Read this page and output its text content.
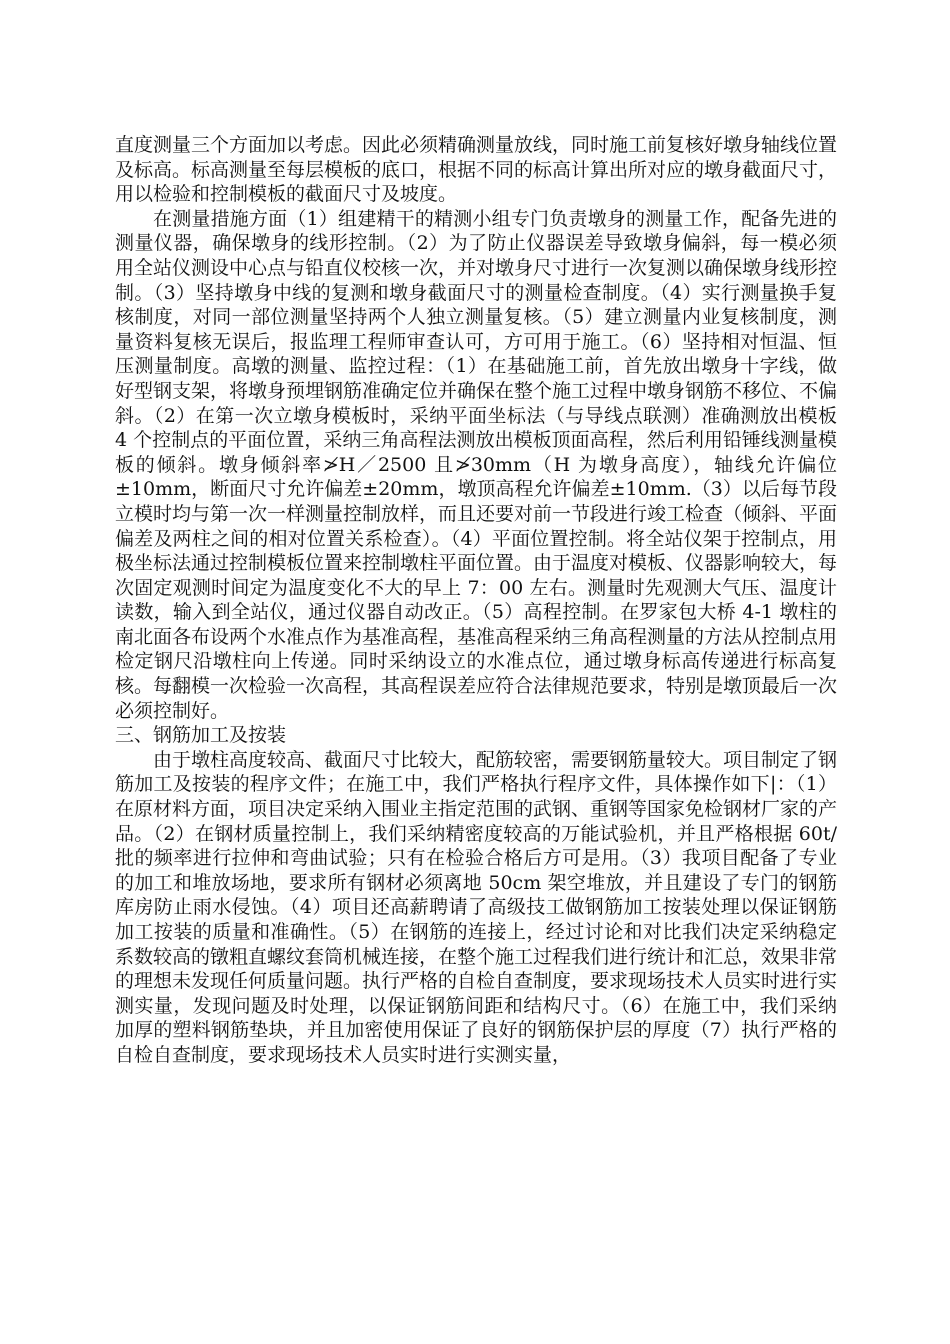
直度测量三个方面加以考虑。因此必须精确测量放线，同时施工前复核好墩身轴线位置及标高。标高测量至每层模板的底口，根据不同的标高计算出所对应的墩身截面尺寸，用以检验和控制模板的截面尺寸及坡度。

在测量措施方面（1）组建精干的精测小组专门负责墩身的测量工作，配备先进的测量仪器，确保墩身的线形控制。（2）为了防止仪器误差导致墩身偏斜，每一模必须用全站仪测设中心点与铅直仪校核一次，并对墩身尺寸进行一次复测以确保墩身线形控制。（3）坚持墩身中线的复测和墩身截面尺寸的测量检查制度。（4）实行测量换手复核制度，对同一部位测量坚持两个人独立测量复核。（5）建立测量内业复核制度，测量资料复核无误后，报监理工程师审查认可，方可用于施工。（6）坚持相对恒温、恒压测量制度。高墩的测量、监控过程：（1）在基础施工前，首先放出墩身十字线，做好型钢支架，将墩身预埋钢筋准确定位并确保在整个施工过程中墩身钢筋不移位、不偏斜。（2）在第一次立墩身模板时，采纳平面坐标法（与导线点联测）准确测放出模板 4 个控制点的平面位置，采纳三角高程法测放出模板顶面高程，然后利用铅锤线测量模板的倾斜。墩身倾斜率≯H／2500 且≯30mm（H 为墩身高度），轴线允许偏位±10mm，断面尺寸允许偏差±20mm，墩顶高程允许偏差±10mm.（3）以后每节段立模时均与第一次一样测量控制放样，而且还要对前一节段进行竣工检查（倾斜、平面偏差及两柱之间的相对位置关系检查）。（4）平面位置控制。将全站仪架于控制点，用极坐标法通过控制模板位置来控制墩柱平面位置。由于温度对模板、仪器影响较大，每次固定观测时间定为温度变化不大的早上 7：00 左右。测量时先观测大气压、温度计读数，输入到全站仪，通过仪器自动改正。（5）高程控制。在罗家包大桥 4-1 墩柱的南北面各布设两个水准点作为基准高程，基准高程采纳三角高程测量的方法从控制点用检定钢尺沿墩柱向上传递。同时采纳设立的水准点位，通过墩身标高传递进行标高复核。每翻模一次检验一次高程，其高程误差应符合法律规范要求，特别是墩顶最后一次必须控制好。

三、钢筋加工及按装

由于墩柱高度较高、截面尺寸比较大，配筋较密，需要钢筋量较大。项目制定了钢筋加工及按装的程序文件；在施工中，我们严格执行程序文件，具体操作如下|：（1）在原材料方面，项目决定采纳入围业主指定范围的武钢、重钢等国家免检钢材厂家的产品。（2）在钢材质量控制上，我们采纳精密度较高的万能试验机，并且严格根据 60t/批的频率进行拉伸和弯曲试验；只有在检验合格后方可是用。（3）我项目配备了专业的加工和堆放场地，要求所有钢材必须离地 50cm 架空堆放，并且建设了专门的钢筋库房防止雨水侵蚀。（4）项目还高薪聘请了高级技工做钢筋加工按装处理以保证钢筋加工按装的质量和准确性。（5）在钢筋的连接上，经过讨论和对比我们决定采纳稳定系数较高的镦粗直螺纹套筒机械连接，在整个施工过程我们进行统计和汇总，效果非常的理想未发现任何质量问题。执行严格的自检自查制度，要求现场技术人员实时进行实测实量，发现问题及时处理，以保证钢筋间距和结构尺寸。（6）在施工中，我们采纳加厚的塑料钢筋垫块，并且加密使用保证了良好的钢筋保护层的厚度（7）执行严格的自检自查制度，要求现场技术人员实时进行实测实量，
